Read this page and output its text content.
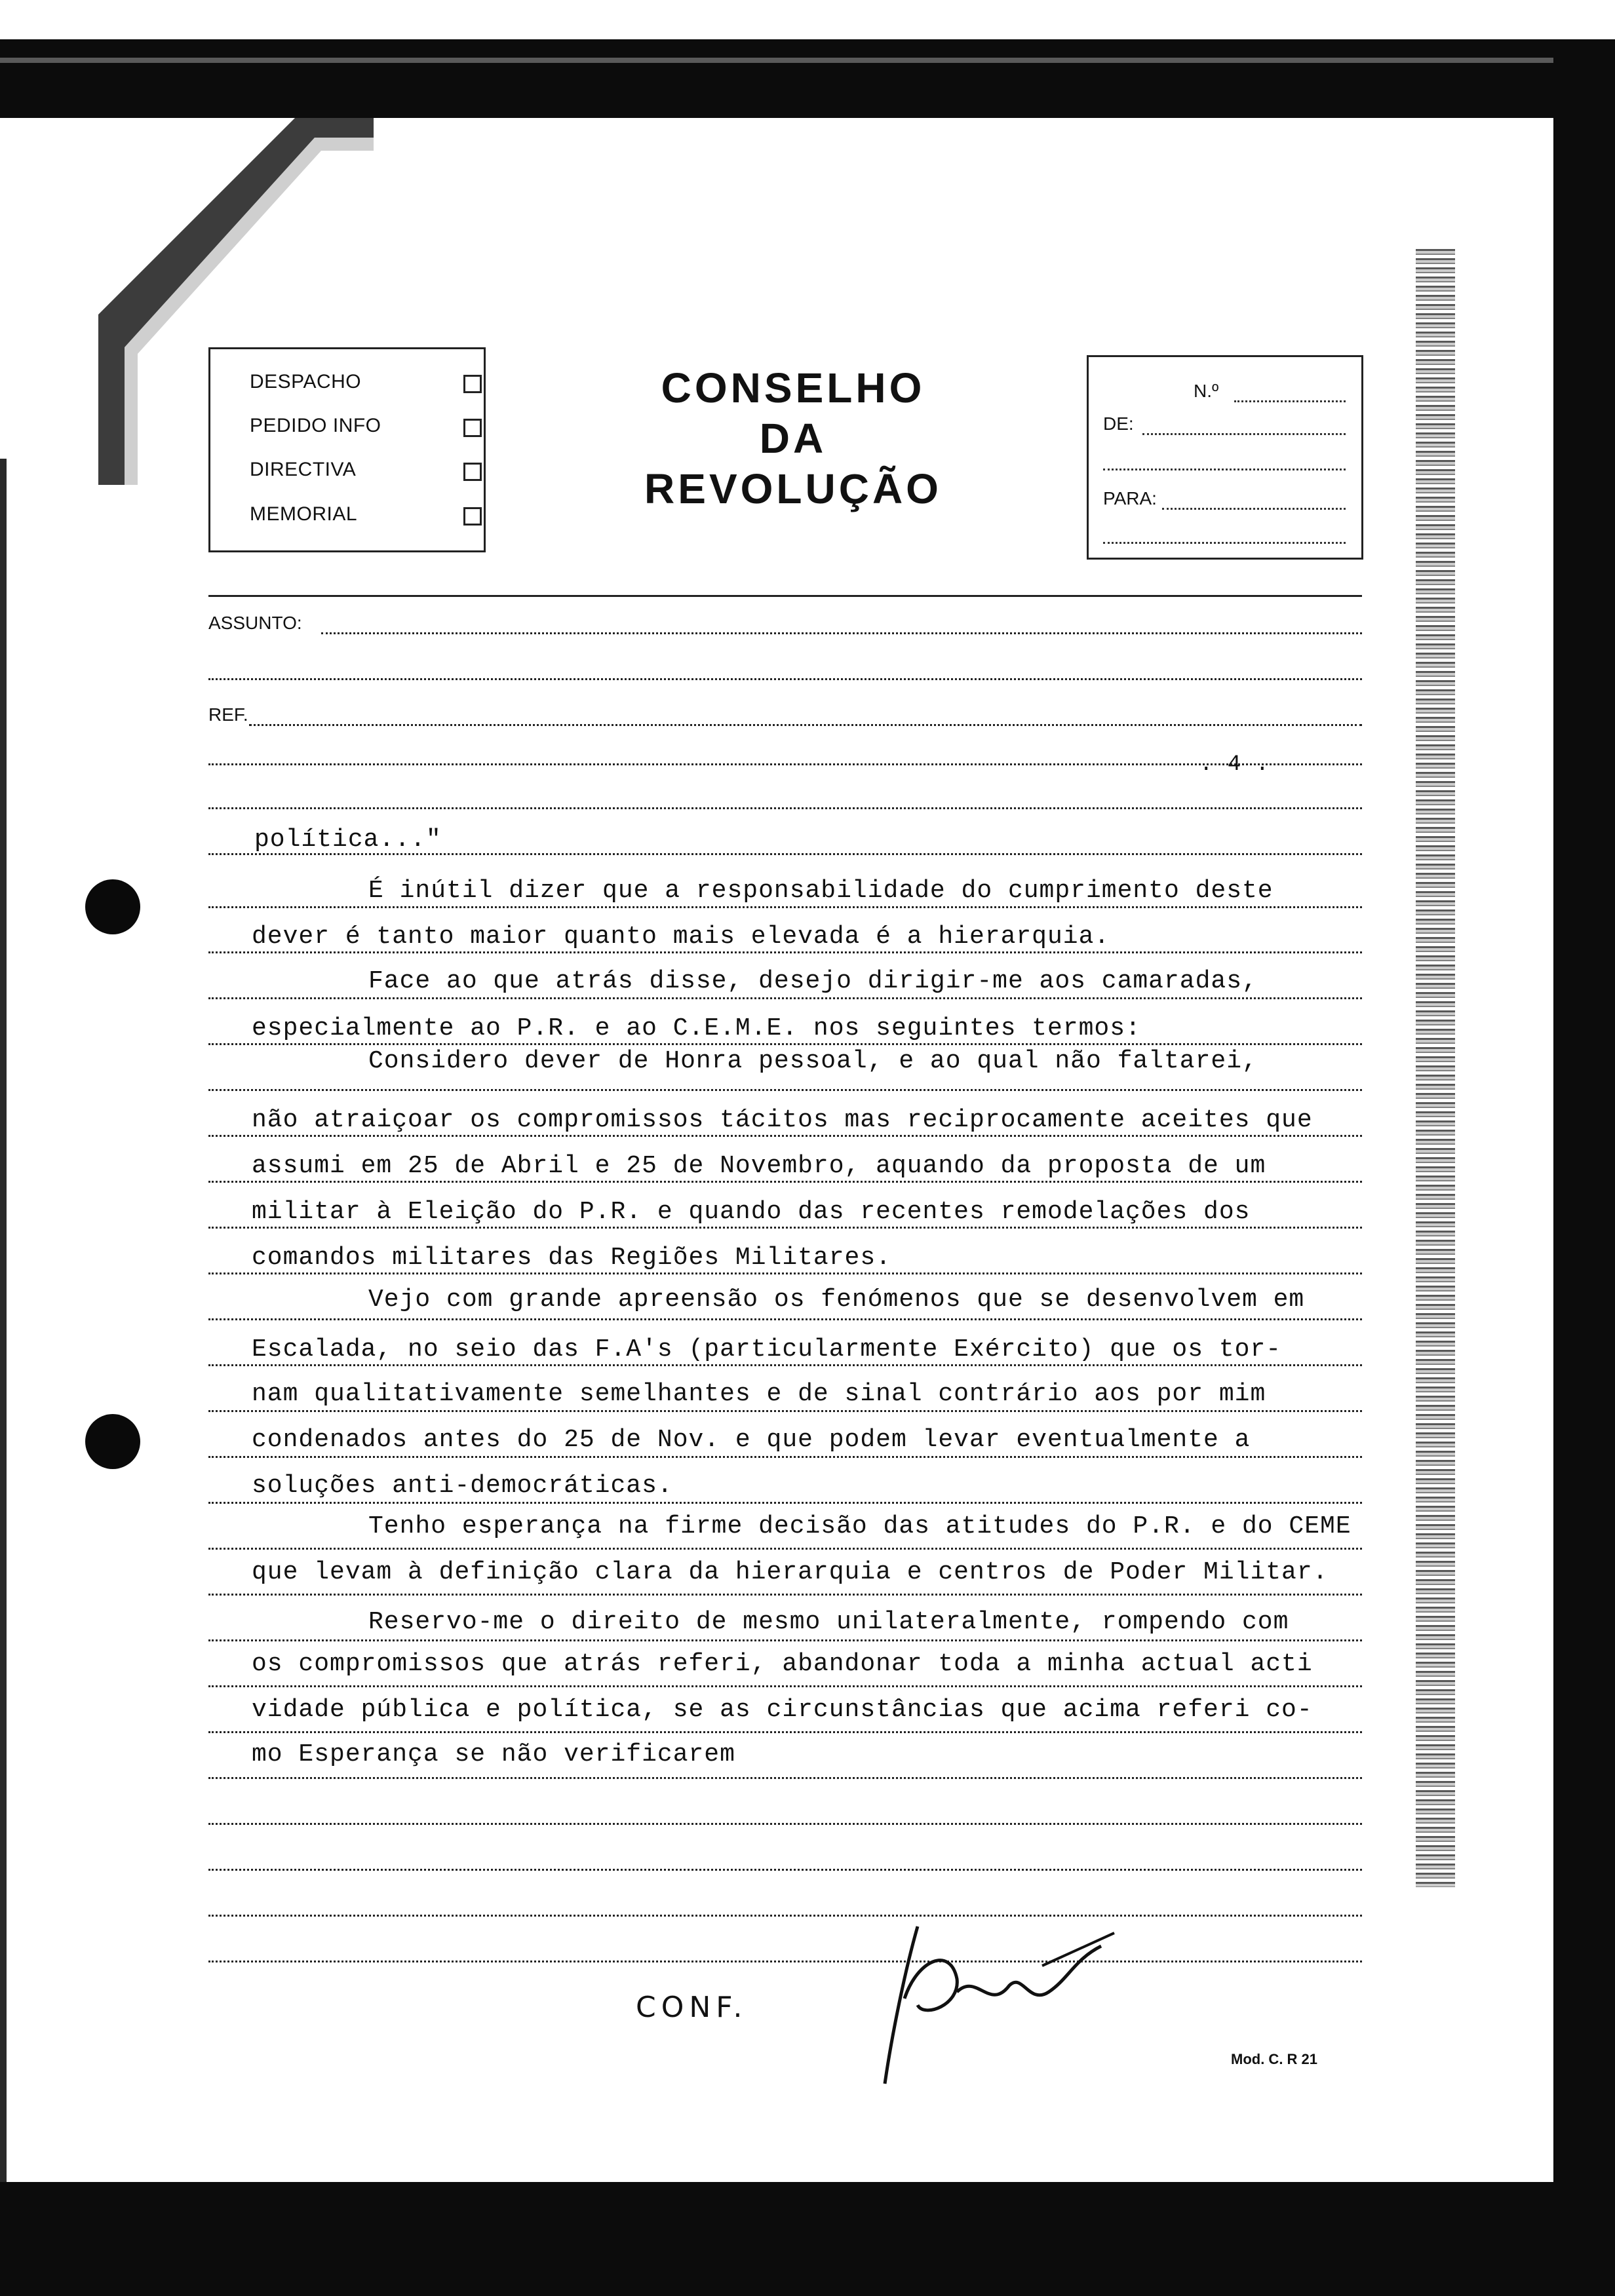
DESPACHO
PEDIDO INFO
DIRECTIVA
MEMORIAL
CONSELHO
DA
REVOLUÇÃO
N.º
DE:
PARA:
ASSUNTO:
REF.
. 4 .
política..."
É inútil dizer que a responsabilidade do cumprimento deste
dever é tanto maior quanto mais elevada é a hierarquia.
Face ao que atrás disse, desejo dirigir-me aos camaradas,
especialmente ao P.R. e ao C.E.M.E. nos seguintes termos:
Considero dever de Honra pessoal, e ao qual não faltarei,
não atraiçoar os compromissos tácitos mas reciprocamente aceites que
assumi em 25 de Abril e 25 de Novembro, aquando da proposta de um
militar à Eleição do P.R. e quando das recentes remodelações dos
comandos militares das Regiões Militares.
Vejo com grande apreensão os fenómenos que se desenvolvem em
Escalada, no seio das F.A's (particularmente Exército) que os tor-
nam qualitativamente semelhantes e de sinal contrário aos por mim
condenados antes do 25 de Nov. e que podem levar eventualmente a
soluções anti-democráticas.
Tenho esperança na firme decisão das atitudes do P.R. e do CEME
que levam à definição clara da hierarquia e centros de Poder Militar.
Reservo-me o direito de mesmo unilateralmente, rompendo com
os compromissos que atrás referi, abandonar toda a minha actual acti
vidade pública e política, se as circunstâncias que acima referi co-
mo Esperança se não verificarem
CONF.
Mod. C. R 21
